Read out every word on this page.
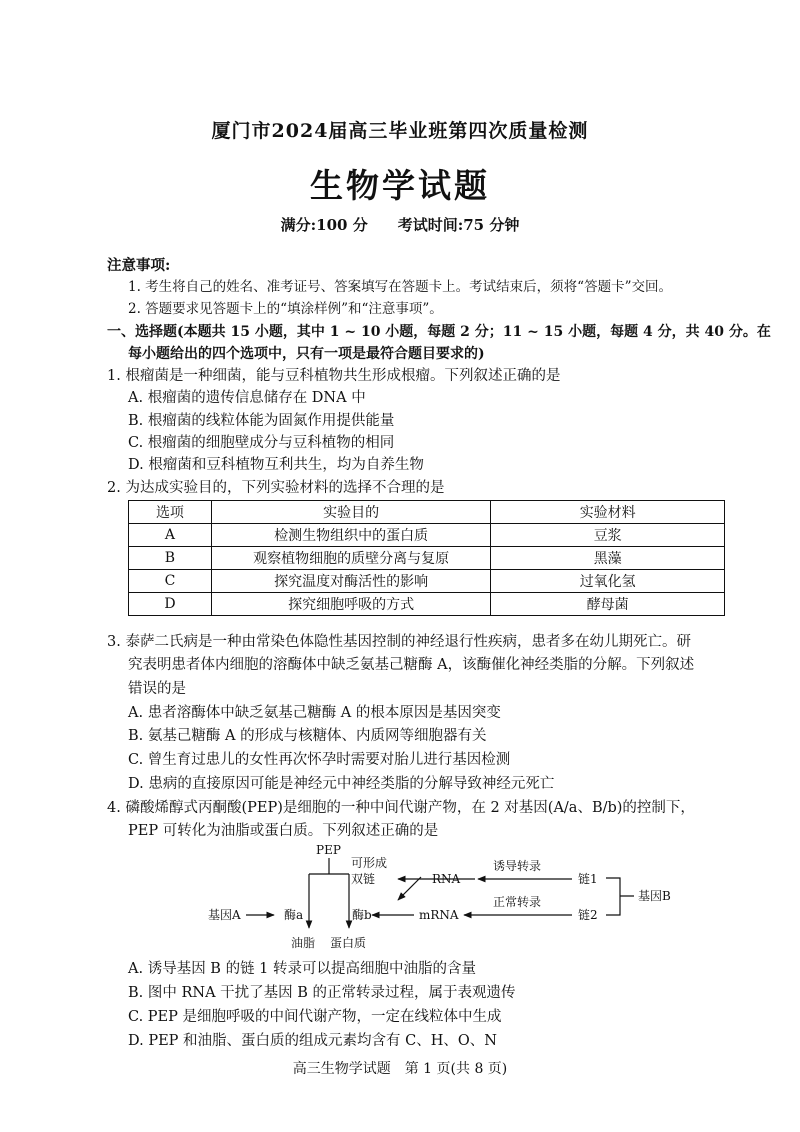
厦门市2024届高三毕业班第四次质量检测
生物学试题
满分:100 分　　考试时间:75 分钟
注意事项:
1. 考生将自己的姓名、准考证号、答案填写在答题卡上。考试结束后，须将“答题卡”交回。
2. 答题要求见答题卡上的“填涂样例”和“注意事项”。
一、选择题(本题共 15 小题，其中 1 ~ 10 小题，每题 2 分；11 ~ 15 小题，每题 4 分，共 40 分。在
每小题给出的四个选项中，只有一项是最符合题目要求的)
1. 根瘤菌是一种细菌，能与豆科植物共生形成根瘤。下列叙述正确的是
A. 根瘤菌的遗传信息储存在 DNA 中
B. 根瘤菌的线粒体能为固氮作用提供能量
C. 根瘤菌的细胞壁成分与豆科植物的相同
D. 根瘤菌和豆科植物互利共生，均为自养生物
2. 为达成实验目的，下列实验材料的选择不合理的是
选项	实验目的	实验材料
A	检测生物组织中的蛋白质	豆浆
B	观察植物细胞的质壁分离与复原	黑藻
C	探究温度对酶活性的影响	过氧化氢
D	探究细胞呼吸的方式	酵母菌
3. 泰萨二氏病是一种由常染色体隐性基因控制的神经退行性疾病，患者多在幼儿期死亡。研
究表明患者体内细胞的溶酶体中缺乏氨基己糖酶 A，该酶催化神经类脂的分解。下列叙述
错误的是
A. 患者溶酶体中缺乏氨基己糖酶 A 的根本原因是基因突变
B. 氨基己糖酶 A 的形成与核糖体、内质网等细胞器有关
C. 曾生育过患儿的女性再次怀孕时需要对胎儿进行基因检测
D. 患病的直接原因可能是神经元中神经类脂的分解导致神经元死亡
4. 磷酸烯醇式丙酮酸(PEP)是细胞的一种中间代谢产物，在 2 对基因(A/a、B/b)的控制下，
PEP 可转化为油脂或蛋白质。下列叙述正确的是
PEP
基因A	酶a	酶b
油脂 蛋白质
可形成
双链	RNA
诱导转录
mRNA
正常转录
链1
链2
基因B
A. 诱导基因 B 的链 1 转录可以提高细胞中油脂的含量
B. 图中 RNA 干扰了基因 B 的正常转录过程，属于表观遗传
C. PEP 是细胞呼吸的中间代谢产物，一定在线粒体中生成
D. PEP 和油脂、蛋白质的组成元素均含有 C、H、O、N
高三生物学试题　第 1 页(共 8 页)
